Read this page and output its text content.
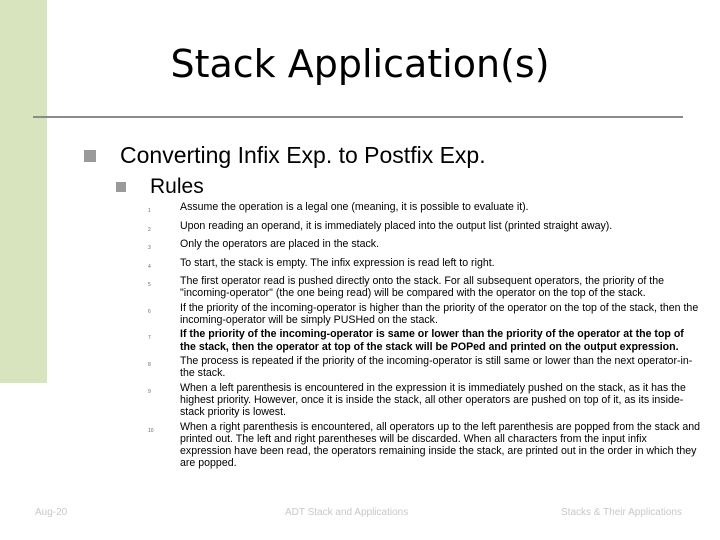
Stack Application(s)
Converting Infix Exp. to Postfix Exp.
Rules
1	Assume the operation is a legal one (meaning, it is possible to evaluate it).
2	Upon reading an operand, it is immediately placed into the output list (printed straight away).
3	Only the operators are placed in the stack.
4	To start, the stack is empty. The infix expression is read left to right.
5	The first operator read is pushed directly onto the stack. For all subsequent operators, the priority of the "incoming-operator" (the one being read) will be compared with the operator on the top of the stack.
6	If the priority of the incoming-operator is higher than the priority of the operator on the top of the stack, then the incoming-operator will be simply PUSHed on the stack.
7	If the priority of the incoming-operator is same or lower than the priority of the operator at the top of the stack, then the operator at top of the stack will be POPed and printed on the output expression.
8	The process is repeated if the priority of the incoming-operator is still same or lower than the next operator-in-the stack.
9	When a left parenthesis is encountered in the expression it is immediately pushed on the stack, as it has the highest priority. However, once it is inside the stack, all other operators are pushed on top of it, as its inside-stack priority is lowest.
10	When a right parenthesis is encountered, all operators up to the left parenthesis are popped from the stack and printed out. The left and right parentheses will be discarded. When all characters from the input infix expression have been read, the operators remaining inside the stack, are printed out in the order in which they are popped.
Aug-20	ADT Stack and Applications	Stacks & Their Applications
